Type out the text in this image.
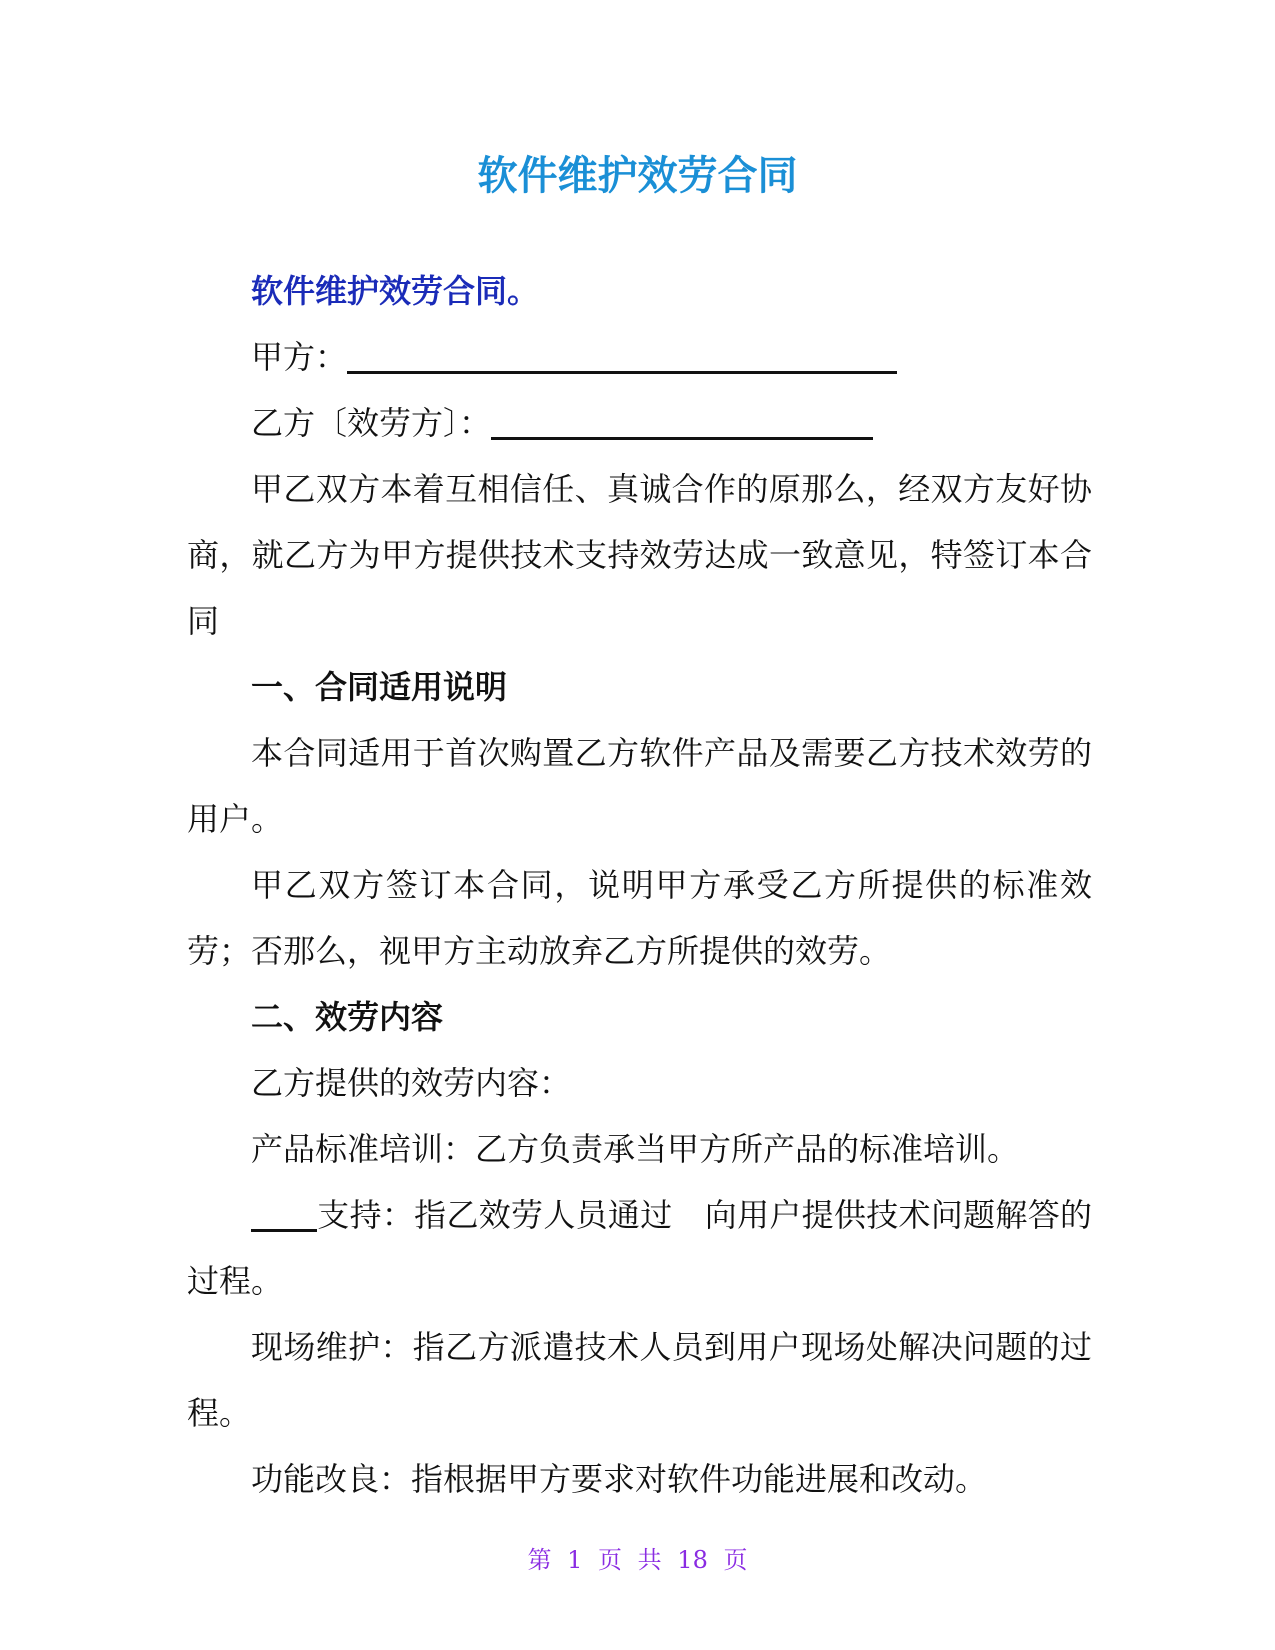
软件维护效劳合同
软件维护效劳合同。
甲方：
乙方〔效劳方〕：
甲乙双方本着互相信任、真诚合作的原那么，经双方友好协商，就乙方为甲方提供技术支持效劳达成一致意见，特签订本合同
一、合同适用说明
本合同适用于首次购置乙方软件产品及需要乙方技术效劳的用户。
甲乙双方签订本合同，说明甲方承受乙方所提供的标准效劳；否那么，视甲方主动放弃乙方所提供的效劳。
二、效劳内容
乙方提供的效劳内容：
产品标准培训：乙方负责承当甲方所产品的标准培训。
支持：指乙效劳人员通过 向用户提供技术问题解答的过程。
现场维护：指乙方派遣技术人员到用户现场处解决问题的过程。
功能改良：指根据甲方要求对软件功能进展和改动。
第 1 页 共 18 页
